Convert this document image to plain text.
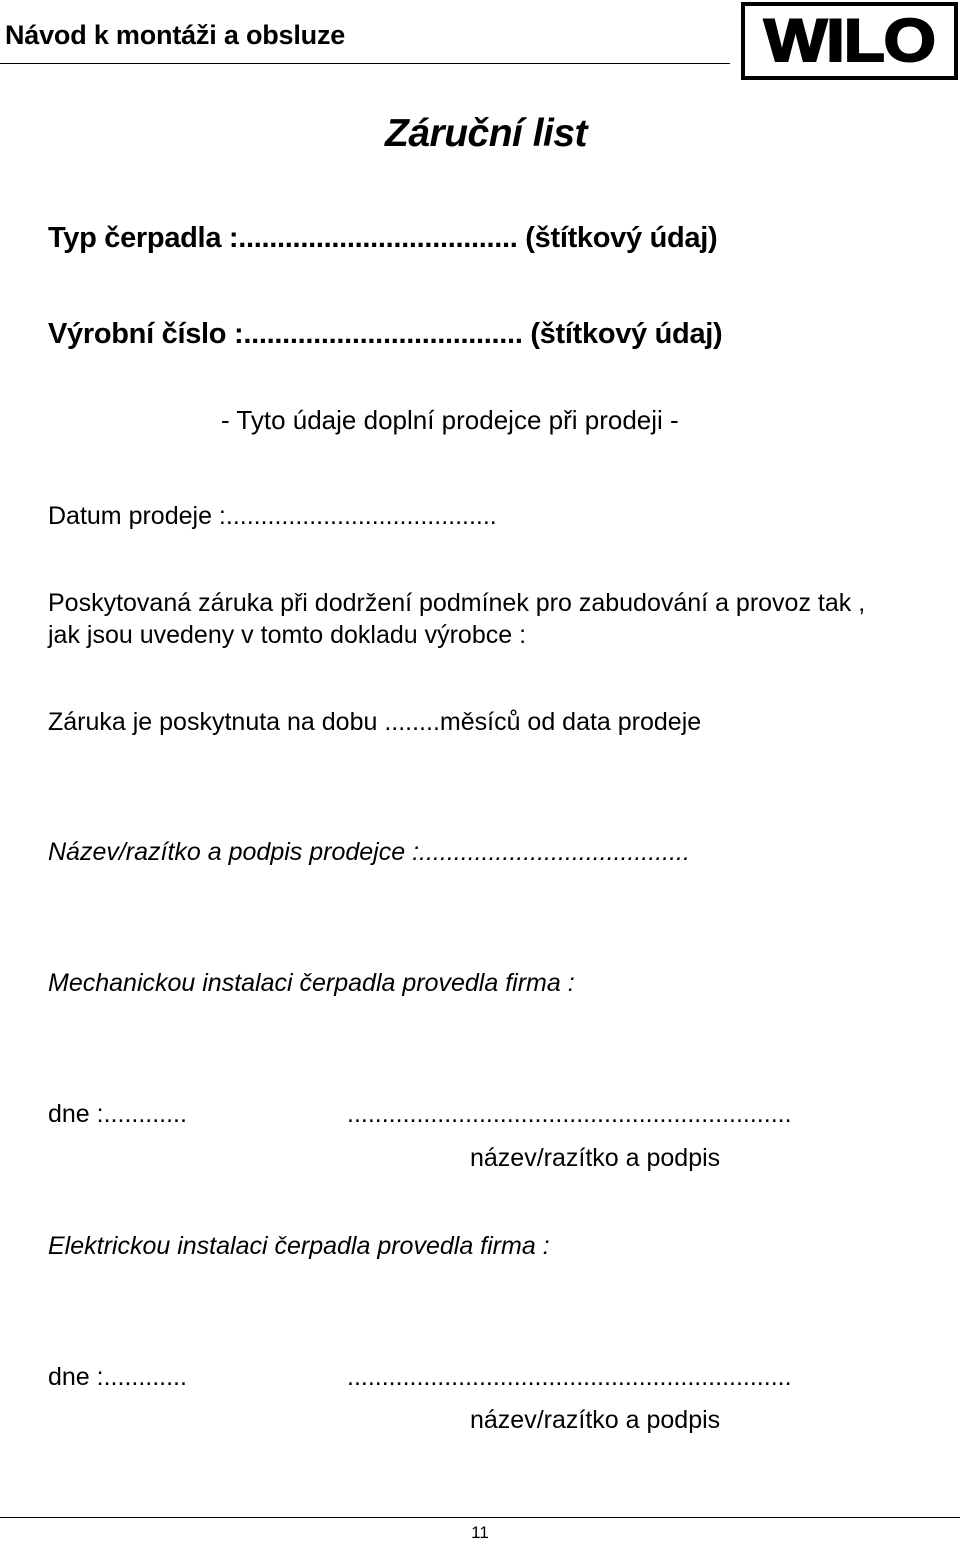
Návod k montáži a obsluze	WILO
Záruční list
Typ čerpadla :.................................... (štítkový údaj)
Výrobní číslo :.................................... (štítkový údaj)
- Tyto údaje doplní prodejce při prodeji -
Datum prodeje :.......................................
Poskytovaná záruka při dodržení podmínek pro zabudování a provoz tak ,
jak jsou uvedeny v tomto dokladu výrobce :
Záruka je poskytnuta na dobu ........měsíců od data prodeje
Název/razítko a podpis prodejce :.......................................
Mechanickou instalaci čerpadla provedla firma :
dne :............	................................................................
název/razítko a podpis
Elektrickou instalaci čerpadla provedla firma :
dne :............	................................................................
název/razítko a podpis
11
